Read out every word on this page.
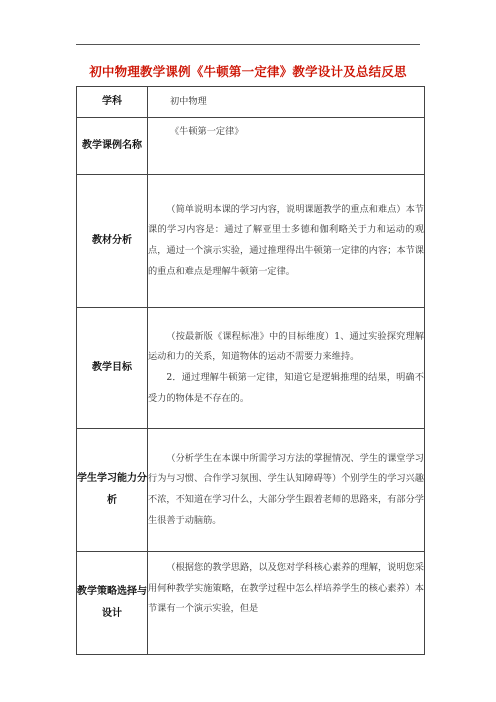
初中物理教学课例《牛顿第一定律》教学设计及总结反思
学科	初中物理
教学课例名称	《牛顿第一定律》
教材分析	（简单说明本课的学习内容，说明课题教学的重点和难点）本节课的学习内容是：通过了解亚里士多德和伽利略关于力和运动的观点，通过一个演示实验，通过推理得出牛顿第一定律的内容；本节课的重点和难点是理解牛顿第一定律。

教学目标	（按最新版《课程标准》中的目标维度）1、通过实验探究理解运动和力的关系，知道物体的运动不需要力来维持。

2．通过理解牛顿第一定律，知道它是逻辑推理的结果，明确不受力的物体是不存在的。

学生学习能力分析	（分析学生在本课中所需学习方法的掌握情况、学生的课堂学习行为与习惯、合作学习氛围、学生认知障碍等）个别学生的学习兴趣不浓，不知道在学习什么，大部分学生跟着老师的思路来，有部分学生很善于动脑筋。

教学策略选择与设计	（根据您的教学思路，以及您对学科核心素养的理解，说明您采用何种教学实施策略，在教学过程中怎么样培养学生的核心素养）本节课有一个演示实验，但是
